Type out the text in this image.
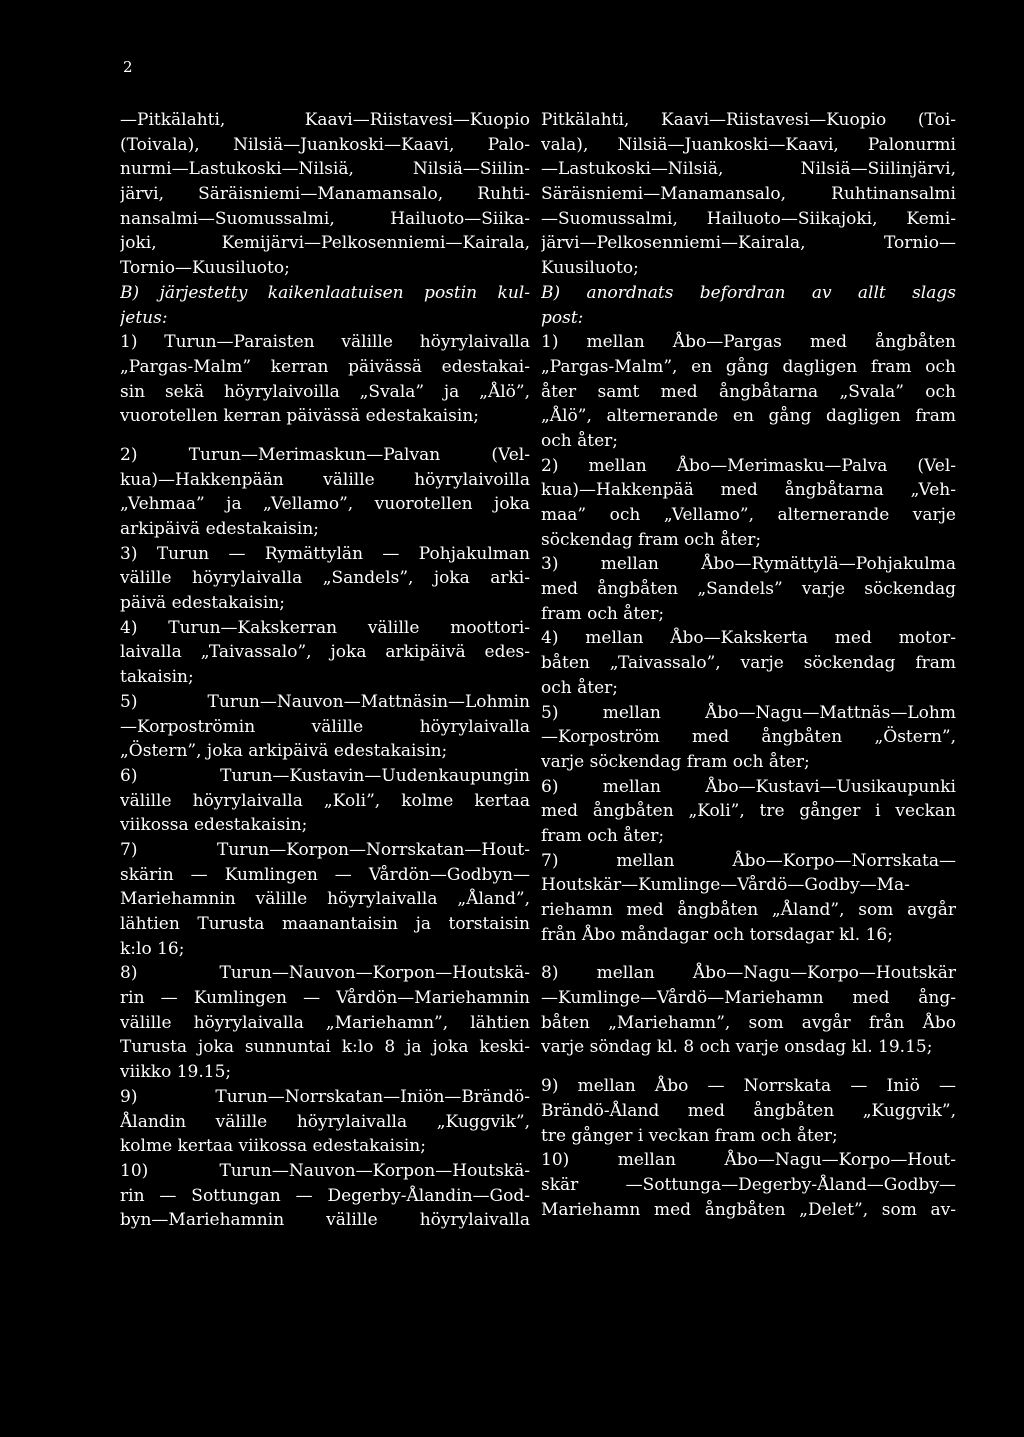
2
—Pitkälahti, Kaavi—Riistavesi—Kuopio
(Toivala), Nilsiä—Juankoski—Kaavi, Palo-
nurmi—Lastukoski—Nilsiä, Nilsiä—Siilin-
järvi, Säräisniemi—Manamansalo, Ruhti-
nansalmi—Suomussalmi, Hailuoto—Siika-
joki, Kemijärvi—Pelkosenniemi—Kairala,
Tornio—Kuusiluoto;
B) järjestetty kaikenlaatuisen postin kul-
jetus:
1) Turun—Paraisten välille höyrylaivalla
„Pargas-Malm” kerran päivässä edestakai-
sin sekä höyrylaivoilla „Svala” ja „Ålö”,
vuorotellen kerran päivässä edestakaisin;
2) Turun—Merimaskun—Palvan (Vel-
kua)—Hakkenpään välille höyrylaivoilla
„Vehmaa” ja „Vellamo”, vuorotellen joka
arkipäivä edestakaisin;
3) Turun — Rymättylän — Pohjakulman
välille höyrylaivalla „Sandels”, joka arki-
päivä edestakaisin;
4) Turun—Kakskerran välille moottori-
laivalla „Taivassalo”, joka arkipäivä edes-
takaisin;
5) Turun—Nauvon—Mattnäsin—Lohmin
—Korpoströmin välille höyrylaivalla
„Östern”, joka arkipäivä edestakaisin;
6) Turun—Kustavin—Uudenkaupungin
välille höyrylaivalla „Koli”, kolme kertaa
viikossa edestakaisin;
7) Turun—Korpon—Norrskatan—Hout-
skärin — Kumlingen — Vårdön—Godbyn—
Mariehamnin välille höyrylaivalla „Åland”,
lähtien Turusta maanantaisin ja torstaisin
k:lo 16;
8) Turun—Nauvon—Korpon—Houtskä-
rin — Kumlingen — Vårdön—Mariehamnin
välille höyrylaivalla „Mariehamn”, lähtien
Turusta joka sunnuntai k:lo 8 ja joka keski-
viikko 19.15;
9) Turun—Norrskatan—Iniön—Brändö-
Ålandin välille höyrylaivalla „Kuggvik”,
kolme kertaa viikossa edestakaisin;
10) Turun—Nauvon—Korpon—Houtskä-
rin — Sottungan — Degerby-Ålandin—God-
byn—Mariehamnin välille höyrylaivalla
Pitkälahti, Kaavi—Riistavesi—Kuopio (Toi-
vala), Nilsiä—Juankoski—Kaavi, Palonurmi
—Lastukoski—Nilsiä, Nilsiä—Siilinjärvi,
Säräisniemi—Manamansalo, Ruhtinansalmi
—Suomussalmi, Hailuoto—Siikajoki, Kemi-
järvi—Pelkosenniemi—Kairala, Tornio—
Kuusiluoto;
B) anordnats befordran av allt slags
post:
1) mellan Åbo—Pargas med ångbåten
„Pargas-Malm”, en gång dagligen fram och
åter samt med ångbåtarna „Svala” och
„Ålö”, alternerande en gång dagligen fram
och åter;
2) mellan Åbo—Merimasku—Palva (Vel-
kua)—Hakkenpää med ångbåtarna „Veh-
maa” och „Vellamo”, alternerande varje
söckendag fram och åter;
3) mellan Åbo—Rymättylä—Pohjakulma
med ångbåten „Sandels” varje söckendag
fram och åter;
4) mellan Åbo—Kakskerta med motor-
båten „Taivassalo”, varje söckendag fram
och åter;
5) mellan Åbo—Nagu—Mattnäs—Lohm
—Korpoström med ångbåten „Östern”,
varje söckendag fram och åter;
6) mellan Åbo—Kustavi—Uusikaupunki
med ångbåten „Koli”, tre gånger i veckan
fram och åter;
7) mellan Åbo—Korpo—Norrskata—
Houtskär—Kumlinge—Vårdö—Godby—Ma-
riehamn med ångbåten „Åland”, som avgår
från Åbo måndagar och torsdagar kl. 16;
8) mellan Åbo—Nagu—Korpo—Houtskär
—Kumlinge—Vårdö—Mariehamn med ång-
båten „Mariehamn”, som avgår från Åbo
varje söndag kl. 8 och varje onsdag kl. 19.15;
9) mellan Åbo — Norrskata — Iniö —
Brändö-Åland med ångbåten „Kuggvik”,
tre gånger i veckan fram och åter;
10) mellan Åbo—Nagu—Korpo—Hout-
skär —Sottunga—Degerby-Åland—Godby—
Mariehamn med ångbåten „Delet”, som av-
